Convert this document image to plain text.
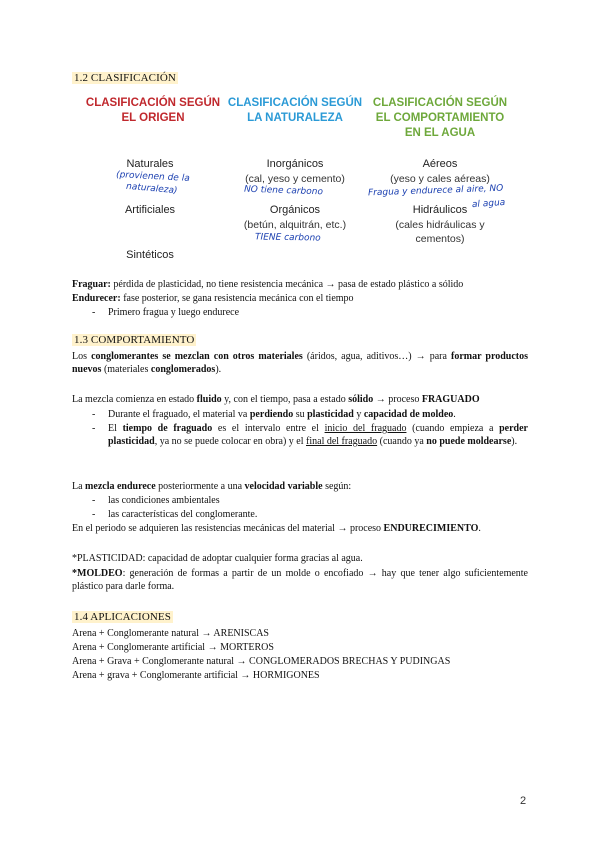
1.2 CLASIFICACIÓN
CLASIFICACIÓN SEGÚN
EL ORIGEN
CLASIFICACIÓN SEGÚN
LA NATURALEZA
CLASIFICACIÓN SEGÚN
EL COMPORTAMIENTO
EN EL AGUA
Naturales
Artificiales
Sintéticos
Inorgánicos
(cal, yeso y cemento)
Orgánicos
(betún, alquitrán, etc.)
Aéreos
(yeso y cales aéreas)
Hidráulicos
(cales hidráulicas y
cementos)
(provienen de la
naturaleza)	NO tiene carbono
TIENE carbono
Fragua y endurece al aire, NO
al agua
Fraguar: pérdida de plasticidad, no tiene resistencia mecánica → pasa de estado plástico a sólido
Endurecer: fase posterior, se gana resistencia mecánica con el tiempo
- Primero fragua y luego endurece
1.3 COMPORTAMIENTO
Los conglomerantes se mezclan con otros materiales (áridos, agua, aditivos…) → para formar productos nuevos (materiales conglomerados).
La mezcla comienza en estado fluido y, con el tiempo, pasa a estado sólido → proceso FRAGUADO
- Durante el fraguado, el material va perdiendo su plasticidad y capacidad de moldeo.
- El tiempo de fraguado es el intervalo entre el inicio del fraguado (cuando empieza a perder plasticidad, ya no se puede colocar en obra) y el final del fraguado (cuando ya no puede moldearse).
La mezcla endurece posteriormente a una velocidad variable según:
- las condiciones ambientales
- las características del conglomerante.
En el periodo se adquieren las resistencias mecánicas del material → proceso ENDURECIMIENTO.
*PLASTICIDAD: capacidad de adoptar cualquier forma gracias al agua.
*MOLDEO: generación de formas a partir de un molde o encofiado → hay que tener algo suficientemente plástico para darle forma.
1.4 APLICACIONES
Arena + Conglomerante natural → ARENISCAS
Arena + Conglomerante artificial → MORTEROS
Arena + Grava + Conglomerante natural → CONGLOMERADOS BRECHAS Y PUDINGAS
Arena + grava + Conglomerante artificial → HORMIGONES
2
